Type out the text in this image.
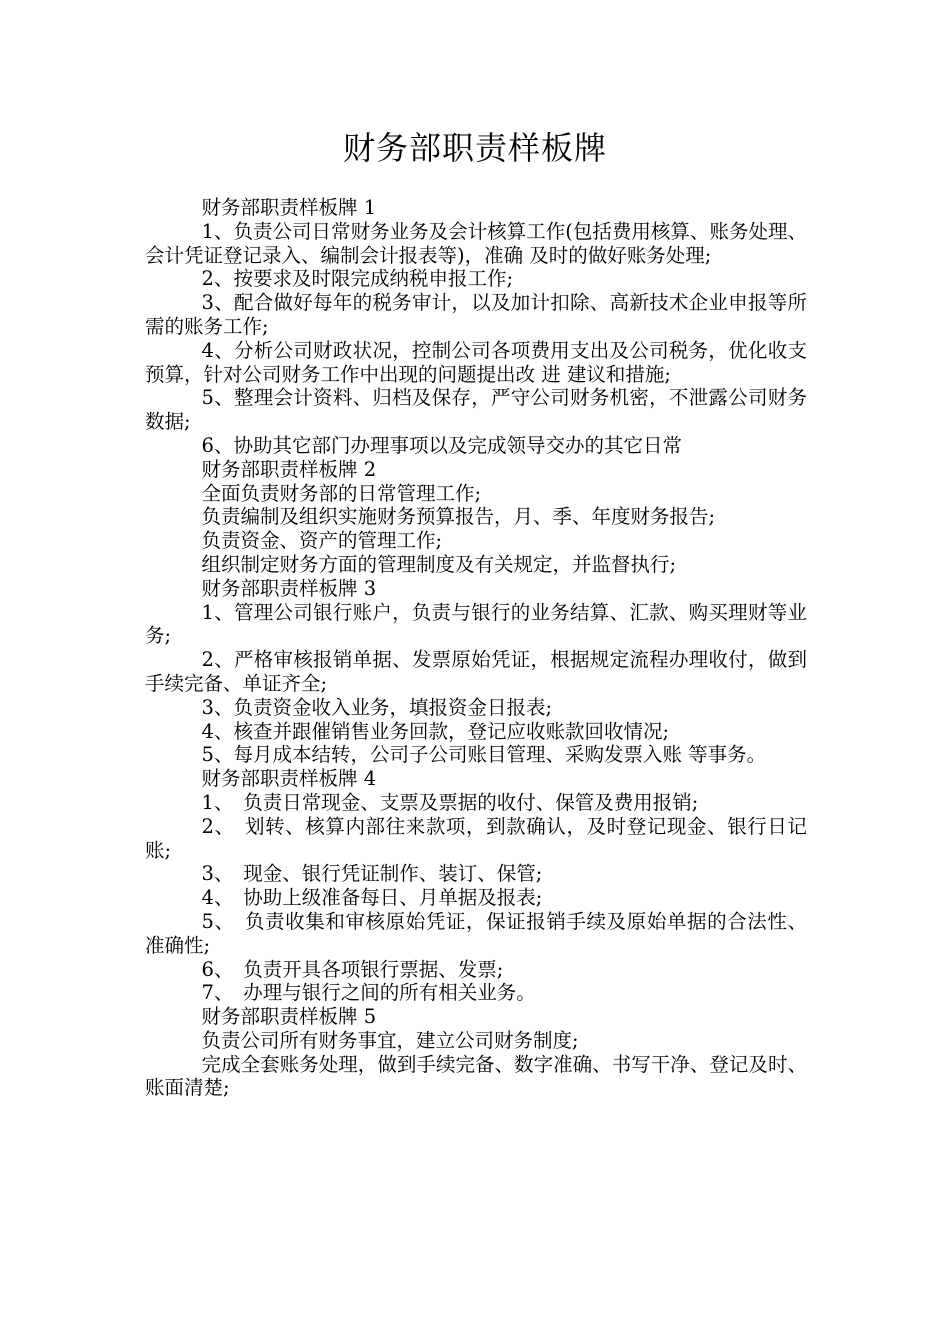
财务部职责样板牌

财务部职责样板牌 1

1、负责公司日常财务业务及会计核算工作(包括费用核算、账务处理、会计凭证登记录入、编制会计报表等)，准确 及时的做好账务处理;

2、按要求及时限完成纳税申报工作;

3、配合做好每年的税务审计，以及加计扣除、高新技术企业申报等所需的账务工作;

4、分析公司财政状况，控制公司各项费用支出及公司税务，优化收支预算，针对公司财务工作中出现的问题提出改 进 建议和措施;

5、整理会计资料、归档及保存，严守公司财务机密，不泄露公司财务数据;

6、协助其它部门办理事项以及完成领导交办的其它日常

财务部职责样板牌 2

全面负责财务部的日常管理工作;

负责编制及组织实施财务预算报告，月、季、年度财务报告;

负责资金、资产的管理工作;

组织制定财务方面的管理制度及有关规定，并监督执行;

财务部职责样板牌 3

1、管理公司银行账户，负责与银行的业务结算、汇款、购买理财等业务;

2、严格审核报销单据、发票原始凭证，根据规定流程办理收付，做到手续完备、单证齐全;

3、负责资金收入业务，填报资金日报表;

4、核查并跟催销售业务回款，登记应收账款回收情况;

5、每月成本结转，公司子公司账目管理、采购发票入账 等事务。

财务部职责样板牌 4

1、　负责日常现金、支票及票据的收付、保管及费用报销;

2、　划转、核算内部往来款项，到款确认，及时登记现金、银行日记账;

3、　现金、银行凭证制作、装订、保管;

4、　协助上级准备每日、月单据及报表;

5、　负责收集和审核原始凭证，保证报销手续及原始单据的合法性、准确性;

6、　负责开具各项银行票据、发票;

7、　办理与银行之间的所有相关业务。

财务部职责样板牌 5

负责公司所有财务事宜，建立公司财务制度;

完成全套账务处理，做到手续完备、数字准确、书写干净、登记及时、账面清楚;
